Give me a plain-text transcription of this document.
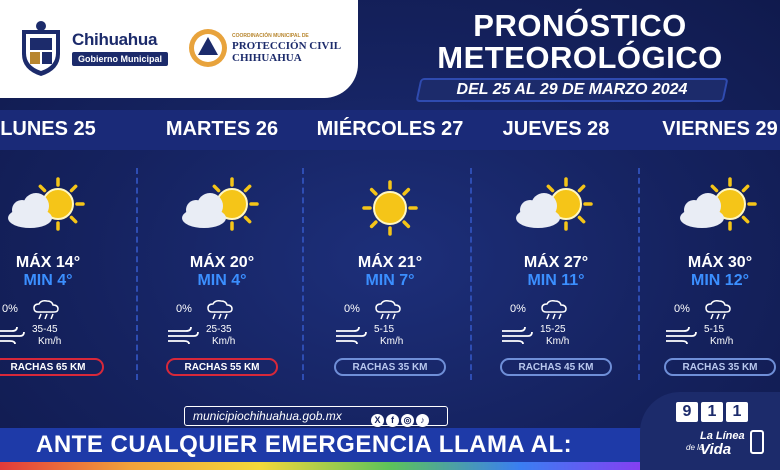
Chihuahua
Gobierno Municipal
COORDINACIÓN MUNICIPAL DE
PROTECCIÓN CIVIL
CHIHUAHUA
PRONÓSTICO
METEOROLÓGICO
DEL 25 AL 29 DE MARZO 2024
LUNES 25
MÁX 14°
MIN 4°
0%
35-45
Km/h
RACHAS 65 KM
MARTES 26
MÁX 20°
MIN 4°
0%
25-35
Km/h
RACHAS 55 KM
MIÉRCOLES 27
MÁX 21°
MIN 7°
0%
5-15
Km/h
RACHAS 35 KM
JUEVES 28
MÁX 27°
MIN 11°
0%
15-25
Km/h
RACHAS 45 KM
VIERNES 29
MÁX 30°
MIN 12°
0%
5-15
Km/h
RACHAS 35 KM
municipiochihuahua.gob.mx	X f ◎ ♪
ANTE CUALQUIER EMERGENCIA LLAMA AL:
9 1 1
La Línea
de la
Vida
